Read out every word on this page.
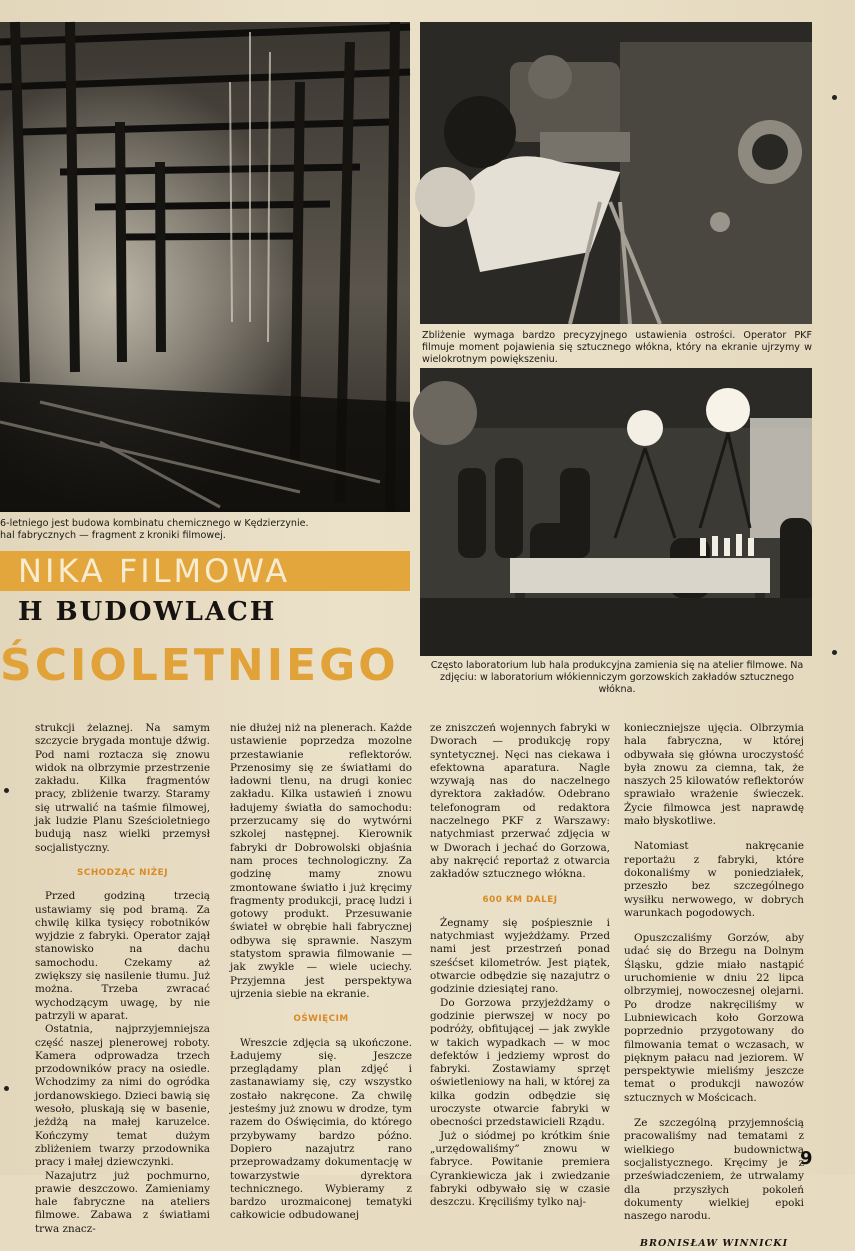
6-letniego jest budowa kombinatu chemicznego w Kędzierzynie.
hal fabrycznych — fragment z kroniki filmowej.
Zbliżenie wymaga bardzo precyzyjnego ustawienia ostrości. Operator PKF filmuje moment pojawienia się sztucznego włókna, który na ekranie ujrzymy w wielokrotnym powiększeniu.
Często laboratorium lub hala produkcyjna zamienia się na atelier filmowe. Na zdjęciu: w laboratorium włókienniczym gorzowskich zakładów sztucznego włókna.
NIKA FILMOWA
H BUDOWLACH
ŚCIOLETNIEGO

strukcji żelaznej. Na samym szczycie brygada montuje dźwig. Pod nami roztacza się znowu widok na olbrzymie przestrzenie zakładu. Kilka fragmentów pracy, zbliżenie twarzy. Staramy się utrwalić na taśmie filmowej, jak ludzie Planu Sześcioletniego budują nasz wielki przemysł socjalistyczny.

SCHODZĄC NIŻEJ

Przed godziną trzecią ustawiamy się pod bramą. Za chwilę kilka tysięcy robotników wyjdzie z fabryki. Operator zajął stanowisko na dachu samochodu. Czekamy aż zwiększy się nasilenie tłumu. Już można. Trzeba zwracać wychodzącym uwagę, by nie patrzyli w aparat.

Ostatnia, najprzyjemniejsza część naszej plenerowej roboty. Kamera odprowadza trzech przodowników pracy na osiedle. Wchodzimy za nimi do ogródka jordanowskiego. Dzieci bawią się wesoło, pluskają się w basenie, jeżdżą na małej karuzelce. Kończymy temat dużym zbliżeniem twarzy przodownika pracy i małej dziewczynki.

Nazajutrz już pochmurno, prawie deszczowo. Zamieniamy hale fabryczne na ateliers filmowe. Zabawa z światłami trwa znacz-

nie dłużej niż na plenerach. Każde ustawienie poprzedza mozolne przestawianie reflektorów. Przenosimy się ze światłami do ładowni tlenu, na drugi koniec zakładu. Kilka ustawień i znowu ładujemy światła do samochodu: przerzucamy się do wytwórni szkolej następnej. Kierownik fabryki dr Dobrowolski objaśnia nam proces technologiczny. Za godzinę mamy znowu zmontowane światło i już kręcimy fragmenty produkcji, pracę ludzi i gotowy produkt. Przesuwanie świateł w obrębie hali fabrycznej odbywa się sprawnie. Naszym statystom sprawia filmowanie — jak zwykle — wiele uciechy. Przyjemna jest perspektywa ujrzenia siebie na ekranie.

OŚWIĘCIM

Wreszcie zdjęcia są ukończone. Ładujemy się. Jeszcze przeglądamy plan zdjęć i zastanawiamy się, czy wszystko zostało nakręcone. Za chwilę jesteśmy już znowu w drodze, tym razem do Oświęcimia, do którego przybywamy bardzo późno. Dopiero nazajutrz rano przeprowadzamy dokumentację w towarzystwie dyrektora technicznego. Wybieramy z bardzo urozmaiconej tematyki całkowicie odbudowanej

ze zniszczeń wojennych fabryki w Dworach — produkcję ropy syntetycznej. Nęci nas ciekawa i efektowna aparatura. Nagle wzywają nas do naczelnego dyrektora zakładów. Odebrano telefonogram od redaktora naczelnego PKF z Warszawy: natychmiast przerwać zdjęcia w w Dworach i jechać do Gorzowa, aby nakręcić reportaż z otwarcia zakładów sztucznego włókna.

600 KM DALEJ

Żegnamy się pośpiesznie i natychmiast wyjeżdżamy. Przed nami jest przestrzeń ponad sześćset kilometrów. Jest piątek, otwarcie odbędzie się nazajutrz o godzinie dziesiątej rano.

Do Gorzowa przyjeżdżamy o godzinie pierwszej w nocy po podróży, obfitującej — jak zwykle w takich wypadkach — w moc defektów i jedziemy wprost do fabryki. Zostawiamy sprzęt oświetleniowy na hali, w której za kilka godzin odbędzie się uroczyste otwarcie fabryki w obecności przedstawicieli Rządu.

Już o siódmej po krótkim śnie „urzędowaliśmy” znowu w fabryce. Powitanie premiera Cyrankiewicza jak i zwiedzanie fabryki odbywało się w czasie deszczu. Kręciliśmy tylko naj-

konieczniejsze ujęcia. Olbrzymia hala fabryczna, w której odbywała się główna uroczystość była znowu za ciemna, tak, że naszych 25 kilowatów reflektorów sprawiało wrażenie świeczek. Życie filmowca jest naprawdę mało błyskotliwe.

Natomiast nakręcanie reportażu z fabryki, które dokonaliśmy w poniedziałek, przeszło bez szczególnego wysiłku nerwowego, w dobrych warunkach pogodowych.

Opuszczaliśmy Gorzów, aby udać się do Brzegu na Dolnym Śląsku, gdzie miało nastąpić uruchomienie w dniu 22 lipca olbrzymiej, nowoczesnej olejarni. Po drodze nakręciliśmy w Lubniewicach koło Gorzowa poprzednio przygotowany do filmowania temat o wczasach, w pięknym pałacu nad jeziorem. W perspektywie mieliśmy jeszcze temat o produkcji nawozów sztucznych w Mościcach.

Ze szczególną przyjemnością pracowaliśmy nad tematami z wielkiego budownictwa socjalistycznego. Kręcimy je z przeświadczeniem, że utrwalamy dla przyszłych pokoleń dokumenty wielkiej epoki naszego narodu.

BRONISŁAW WINNICKI
9
